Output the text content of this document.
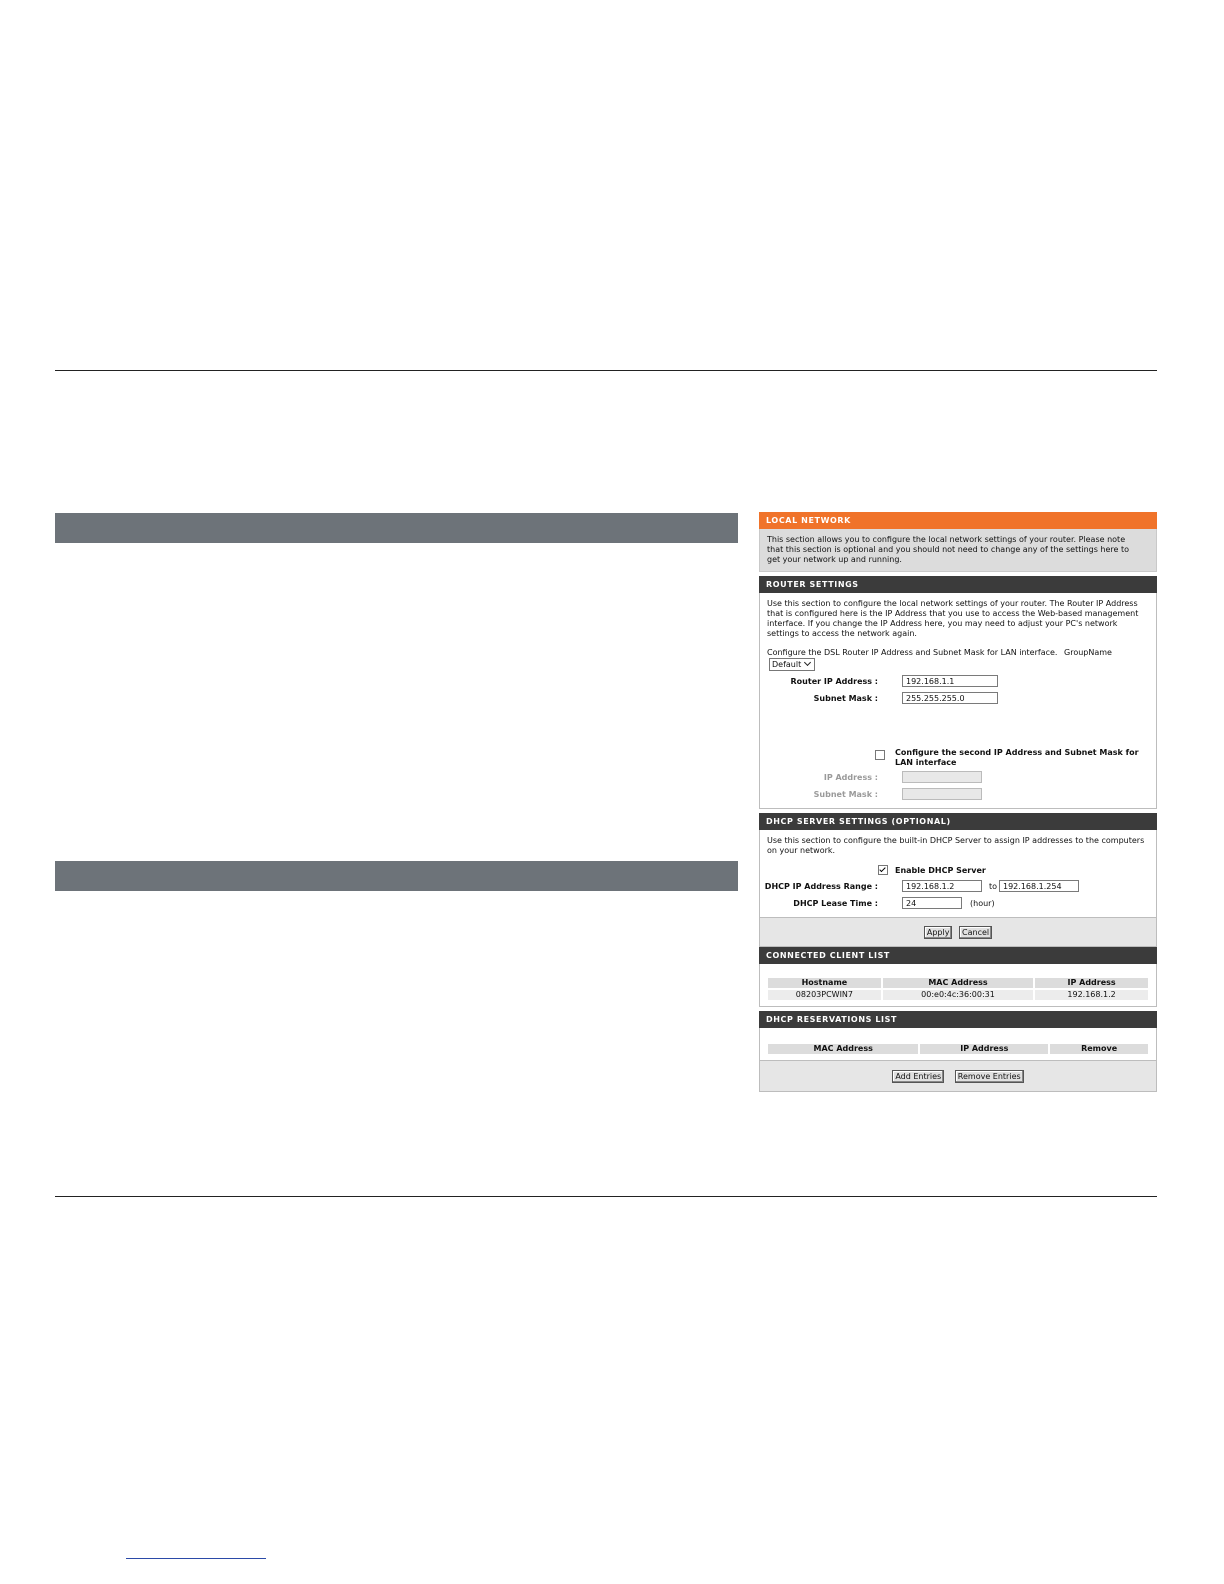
LOCAL NETWORK
This section allows you to configure the local network settings of your router. Please note that this section is optional and you should not need to change any of the settings here to get your network up and running.
ROUTER SETTINGS
Use this section to configure the local network settings of your router. The Router IP Address that is configured here is the IP Address that you use to access the Web-based management interface. If you change the IP Address here, you may need to adjust your PC's network settings to access the network again.
Configure the DSL Router IP Address and Subnet Mask for LAN interface. GroupName Default
Router IP Address :	192.168.1.1
Subnet Mask :	255.255.255.0
Configure the second IP Address and Subnet Mask for LAN interface
IP Address :
Subnet Mask :
DHCP SERVER SETTINGS (OPTIONAL)
Use this section to configure the built-in DHCP Server to assign IP addresses to the computers on your network.
Enable DHCP Server
DHCP IP Address Range :	192.168.1.2	to 192.168.1.254
DHCP Lease Time :	24	(hour)
Apply Cancel
CONNECTED CLIENT LIST
Hostname	MAC Address	IP Address
08203PCWIN7	00:e0:4c:36:00:31	192.168.1.2
DHCP RESERVATIONS LIST
MAC Address	IP Address	Remove
Add Entries Remove Entries
